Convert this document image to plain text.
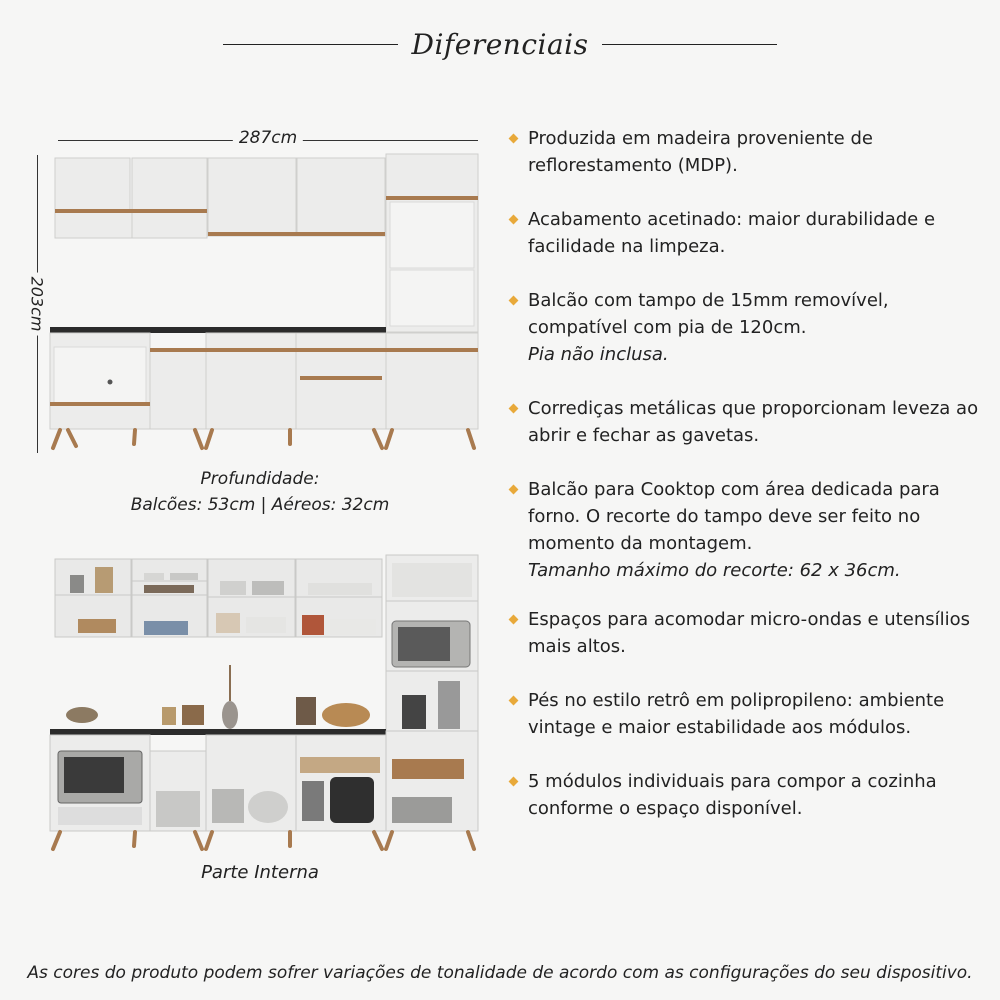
Diferenciais
287cm
203cm
Profundidade:
Balcões: 53cm | Aéreos: 32cm
Parte Interna
Produzida em madeira proveniente de reflorestamento (MDP).
Acabamento acetinado: maior durabilidade e facilidade na limpeza.
Balcão com tampo de 15mm removível, compatível com pia de 120cm.
Pia não inclusa.
Corrediças metálicas que proporcionam leveza ao abrir e fechar as gavetas.
Balcão para Cooktop com área dedicada para forno. O recorte do tampo deve ser feito no momento da montagem.
Tamanho máximo do recorte: 62 x 36cm.
Espaços para acomodar micro-ondas e utensílios mais altos.
Pés no estilo retrô em polipropileno: ambiente vintage e maior estabilidade aos módulos.
5 módulos individuais para compor a cozinha conforme o espaço disponível.
As cores do produto podem sofrer variações de tonalidade de acordo com as configurações do seu dispositivo.
